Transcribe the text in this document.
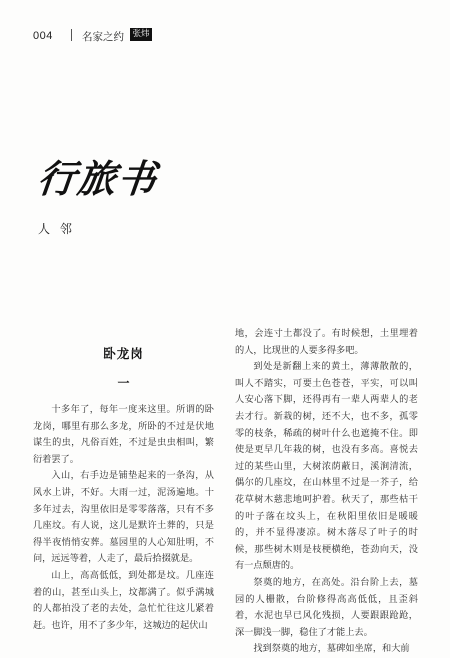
004	名家之约 张炜
行旅书
人 邻
卧龙岗
一

十多年了，每年一度来这里。所谓的卧龙岗，哪里有那么多龙，所卧的不过是伏地谋生的虫，凡俗百姓，不过是虫虫相叫，繁衍着罢了。

入山，右手边是铺垫起来的一条沟，从风水上讲，不好。大雨一过，泥汤遍地。十多年过去，沟里依旧是零零落落，只有不多几座坟。有人说，这儿是默许土葬的，只是得半夜悄悄安葬。墓园里的人心知肚明，不问，远远等着，人走了，最后拾掇就是。

山上，高高低低，到处都是坟。几座连着的山，甚至山头上，坟都满了。似乎满城的人都拍没了老的去处，急忙忙往这儿紧着赶。也许，用不了多少年，这城边的起伏山

地，会连寸土都没了。有时候想，土里埋着的人，比现世的人要多得多吧。

到处是新翻上来的黄土，薄薄散散的，叫人不踏实，可要土色苍苍，平实，可以叫人安心落下脚，还得再有一辈人两辈人的老去才行。新栽的树，还不大，也不多，孤零零的枝条，稀疏的树叶什么也遮掩不住。即使是更早几年栽的树，也没有多高。喜悦去过的某些山里，大树浓荫蔽日，溪涧清流，偶尔的几座坟，在山林里不过是一芥子，给花草树木慈悲地呵护着。秋天了，那些枯干的叶子落在坟头上，在秋阳里依旧是暖暖的，并不显得凄凉。树木落尽了叶子的时候，那些树木则是枝梗横绝，苍劲向天，没有一点颓唐的。

祭奠的地方，在高处。沿台阶上去，墓园的人栅散，台阶修得高高低低，且歪斜着，水泥也早已风化残损，人要跟跟跄跄，深一脚浅一脚，稳住了才能上去。

找到祭奠的地方，墓碑如坐席，和大前
